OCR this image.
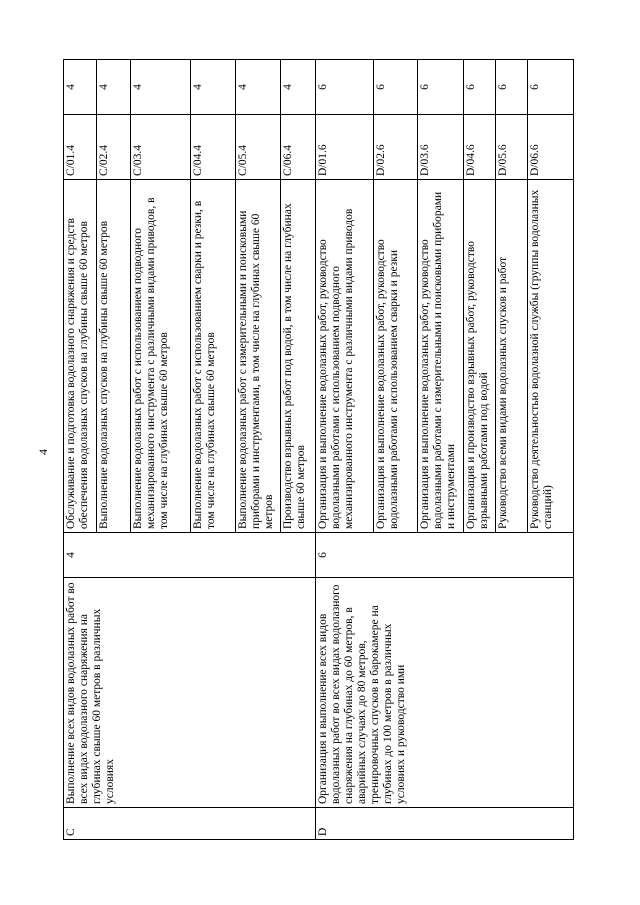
4
C	Выполнение всех видов водолазных работ во всех видах водолазного снаряжения на глубинах свыше 60 метров в различных условиях	4	Обслуживание и подготовка водолазного снаряжения и средств обеспечения водолазных спусков на глубины свыше 60 метров	C/01.4	4
			Выполнение водолазных спусков на глубины свыше 60 метров	C/02.4	4
			Выполнение водолазных работ с использованием подводного механизированного инструмента с различными видами приводов, в том числе на глубинах свыше 60 метров	C/03.4	4
			Выполнение водолазных работ с использованием сварки и резки, в том числе на глубинах свыше 60 метров	C/04.4	4
			Выполнение водолазных работ с измерительными и поисковыми приборами и инструментами, в том числе на глубинах свыше 60 метров	C/05.4	4
			Производство взрывных работ под водой, в том числе на глубинах свыше 60 метров	C/06.4	4
D	Организация и выполнение всех видов водолазных работ во всех видах водолазного снаряжения на глубинах до 60 метров, в аварийных случаях до 80 метров, тренировочных спусков в барокамере на глубинах до 100 метров в различных условиях и руководство ими	6	Организация и выполнение водолазных работ, руководство водолазными работами с использованием подводного механизированного инструмента с различными видами приводов	D/01.6	6
			Организация и выполнение водолазных работ, руководство водолазными работами с использованием сварки и резки	D/02.6	6
			Организация и выполнение водолазных работ, руководство водолазными работами с измерительными и поисковыми приборами и инструментами	D/03.6	6
			Организация и производство взрывных работ, руководство взрывными работами под водой	D/04.6	6
			Руководство всеми видами водолазных спусков и работ	D/05.6	6
			Руководство деятельностью водолазной службы (группы водолазных станций)	D/06.6	6
